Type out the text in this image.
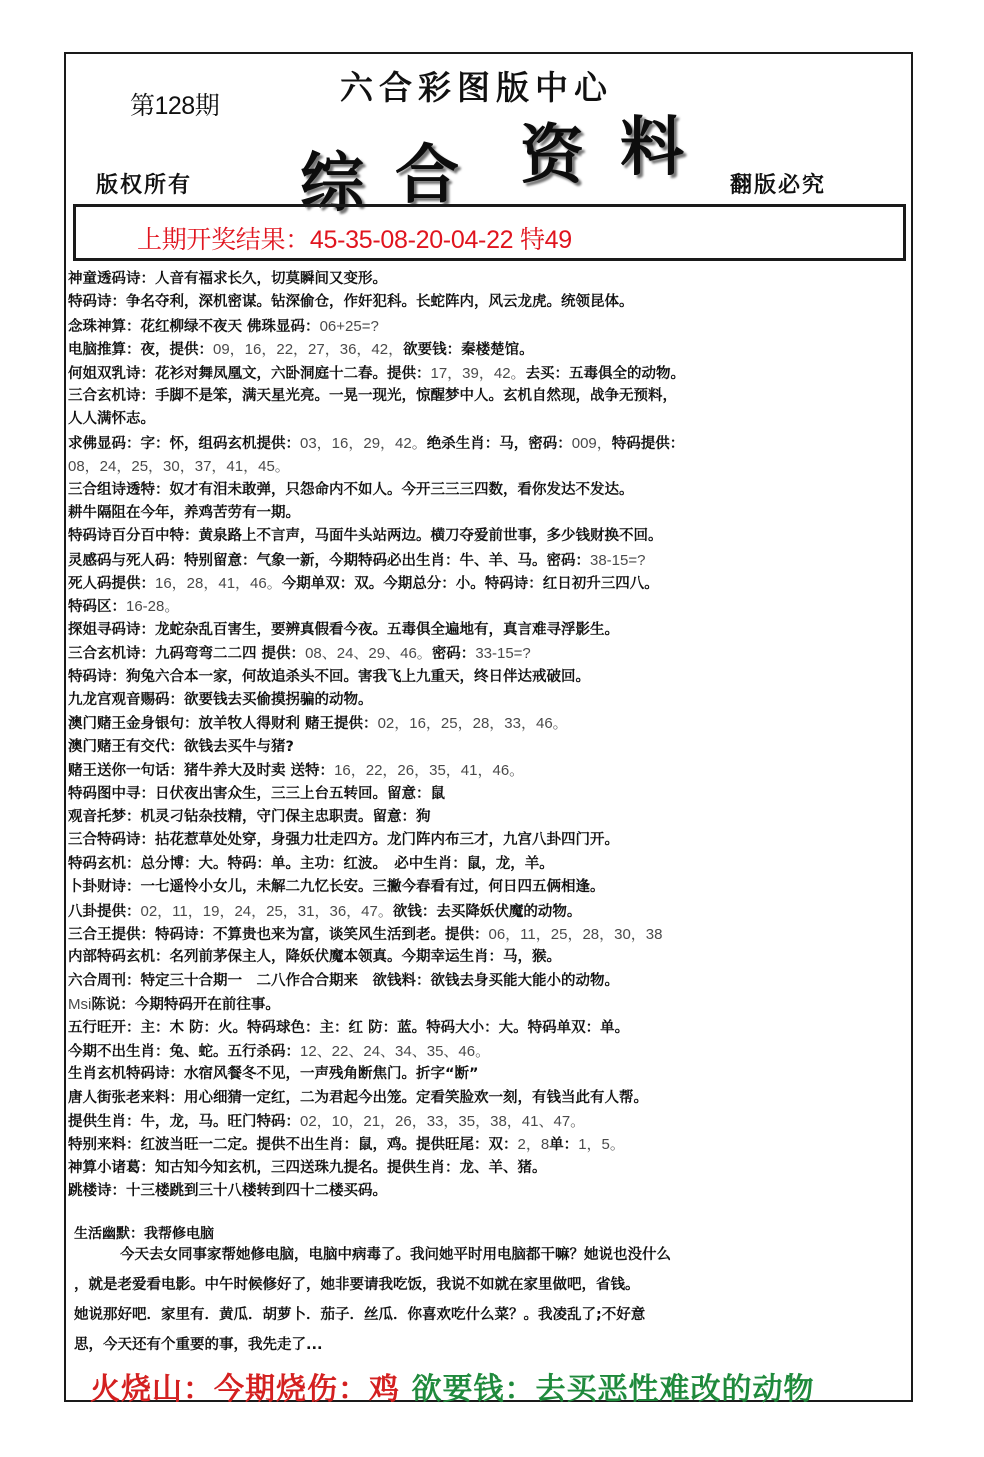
第128期	六合彩图版中心
综 合 资 料
版权所有	翻版必究
上期开奖结果：45-35-08-20-04-22 特49
神童透码诗：人音有福求长久，切莫瞬间又变形。
特码诗：争名夺利，深机密谋。钻深偷仓，作奸犯科。长蛇阵内，风云龙虎。统领昆体。
念珠神算：花红柳绿不夜天 佛珠显码：06+25=?
电脑推算：夜，提供：09，16，22，27，36，42，欲要钱：秦楼楚馆。
何姐双乳诗：花衫对舞凤凰文，六卧洞庭十二春。提供：17，39，42。去买：五毒俱全的动物。
三合玄机诗：手脚不是笨，满天星光亮。一晃一现光，惊醒梦中人。玄机自然现，战争无预料，
人人满怀志。
求佛显码：字：怀，组码玄机提供：03，16，29，42。绝杀生肖：马，密码：009，特码提供：
08，24，25，30，37，41，45。
三合组诗透特：奴才有泪未敢弹，只怨命内不如人。今开三三三四数，看你发达不发达。
耕牛隔阻在今年，养鸡苦劳有一期。
特码诗百分百中特：黄泉路上不言声，马面牛头站两边。横刀夺爱前世事，多少钱财换不回。
灵感码与死人码：特别留意：气象一新，今期特码必出生肖：牛、羊、马。密码：38-15=?
死人码提供：16，28，41，46。今期单双：双。今期总分：小。特码诗：红日初升三四八。
特码区：16-28。
探姐寻码诗：龙蛇杂乱百害生，要辨真假看今夜。五毒俱全遍地有，真言难寻浮影生。
三合玄机诗：九码弯弯二二四 提供：08、24、29、46。密码：33-15=?
特码诗：狗兔六合本一家，何故追杀头不回。害我飞上九重天，终日伴达戒破回。
九龙宫观音赐码：欲要钱去买偷摸拐骗的动物。
澳门赌王金身银句：放羊牧人得财利 赌王提供：02，16，25，28，33，46。
澳门赌王有交代：欲钱去买牛与猪?
赌王送你一句话：猪牛养大及时卖 送特：16，22，26，35，41，46。
特码图中寻：日伏夜出害众生，三三上台五转回。留意：鼠
观音托梦：机灵刁钻杂技精，守门保主忠职责。留意：狗
三合特码诗：拈花惹草处处穿，身强力壮走四方。龙门阵内布三才，九宫八卦四门开。
特码玄机：总分博：大。特码：单。主功：红波。　必中生肖：鼠，龙，羊。
卜卦财诗：一七遥怜小女儿，未解二九忆长安。三撇今春看有过，何日四五俩相逢。
八卦提供：02，11，19，24，25，31，36，47。欲钱：去买降妖伏魔的动物。
三合王提供：特码诗：不算贵也来为富，谈笑风生活到老。提供：06，11，25，28，30，38
内部特码玄机：名列前茅保主人，降妖伏魔本领真。今期幸运生肖：马，猴。
六合周刊：特定三十合期一　二八作合合期来　欲钱料：欲钱去身买能大能小的动物。
Msi陈说：今期特码开在前往事。
五行旺开：主：木 防：火。特码球色：主：红 防：蓝。特码大小：大。特码单双：单。
今期不出生肖：兔、蛇。五行杀码：12、22、24、34、35、46。
生肖玄机特码诗：水宿风餐冬不见，一声残角断焦门。折字“断”
唐人街张老来料：用心细猜一定红，二为君起今出笼。定看笑脸欢一刻，有钱当此有人帮。
提供生肖：牛，龙，马。旺门特码：02，10，21，26，33，35，38，41、47。
特别来料：红波当旺一二定。提供不出生肖：鼠，鸡。提供旺尾：双：2，8单：1，5。
神算小诸葛：知古知今知玄机，三四送珠九提名。提供生肖：龙、羊、猪。
跳楼诗：十三楼跳到三十八楼转到四十二楼买码。
生活幽默：我帮修电脑

今天去女同事家帮她修电脑，电脑中病毒了。我问她平时用电脑都干嘛？她说也没什么

，就是老爱看电影。中午时候修好了，她非要请我吃饭，我说不如就在家里做吧，省钱。

她说那好吧．家里有．黄瓜．胡萝卜．茄子．丝瓜．你喜欢吃什么菜？。我凌乱了;不好意

思，今天还有个重要的事，我先走了...

火烧山：今期烧伤：鸡 欲要钱：去买恶性难改的动物
